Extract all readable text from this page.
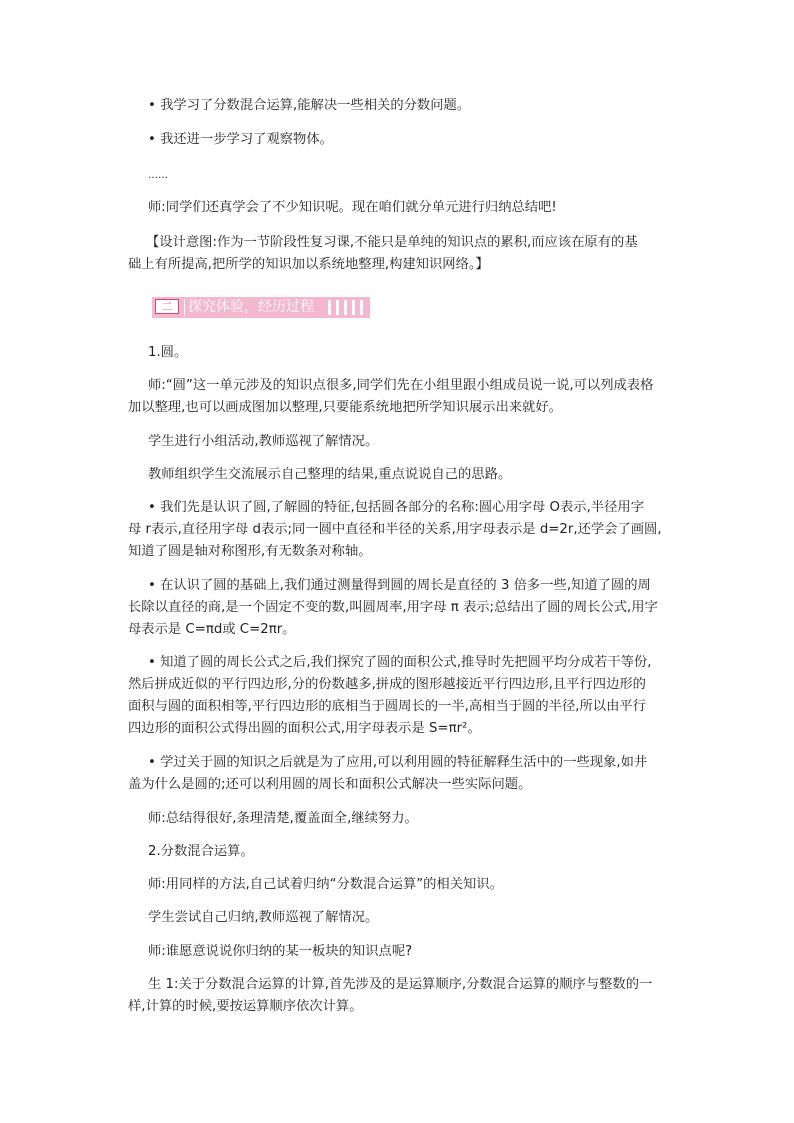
• 我学习了分数混合运算,能解决一些相关的分数问题。
• 我还进一步学习了观察物体。
……
师:同学们还真学会了不少知识呢。现在咱们就分单元进行归纳总结吧!
【设计意图:作为一节阶段性复习课,不能只是单纯的知识点的累积,而应该在原有的基
础上有所提高,把所学的知识加以系统地整理,构建知识网络。】
二	探究体验，经历过程
1.圆。
师:“圆”这一单元涉及的知识点很多,同学们先在小组里跟小组成员说一说,可以列成表格
加以整理,也可以画成图加以整理,只要能系统地把所学知识展示出来就好。
学生进行小组活动,教师巡视了解情况。
教师组织学生交流展示自己整理的结果,重点说说自己的思路。
• 我们先是认识了圆,了解圆的特征,包括圆各部分的名称:圆心用字母 O表示,半径用字
母 r表示,直径用字母 d表示;同一圆中直径和半径的关系,用字母表示是 d=2r,还学会了画圆,
知道了圆是轴对称图形,有无数条对称轴。
• 在认识了圆的基础上,我们通过测量得到圆的周长是直径的 3 倍多一些,知道了圆的周
长除以直径的商,是一个固定不变的数,叫圆周率,用字母 π 表示;总结出了圆的周长公式,用字
母表示是 C=πd或 C=2πr。
• 知道了圆的周长公式之后,我们探究了圆的面积公式,推导时先把圆平均分成若干等份,
然后拼成近似的平行四边形,分的份数越多,拼成的图形越接近平行四边形,且平行四边形的
面积与圆的面积相等,平行四边形的底相当于圆周长的一半,高相当于圆的半径,所以由平行
四边形的面积公式得出圆的面积公式,用字母表示是 S=πr²。
• 学过关于圆的知识之后就是为了应用,可以利用圆的特征解释生活中的一些现象,如井
盖为什么是圆的;还可以利用圆的周长和面积公式解决一些实际问题。
师:总结得很好,条理清楚,覆盖面全,继续努力。
2.分数混合运算。
师:用同样的方法,自己试着归纳“分数混合运算”的相关知识。
学生尝试自己归纳,教师巡视了解情况。
师:谁愿意说说你归纳的某一板块的知识点呢?
生 1:关于分数混合运算的计算,首先涉及的是运算顺序,分数混合运算的顺序与整数的一
样,计算的时候,要按运算顺序依次计算。
